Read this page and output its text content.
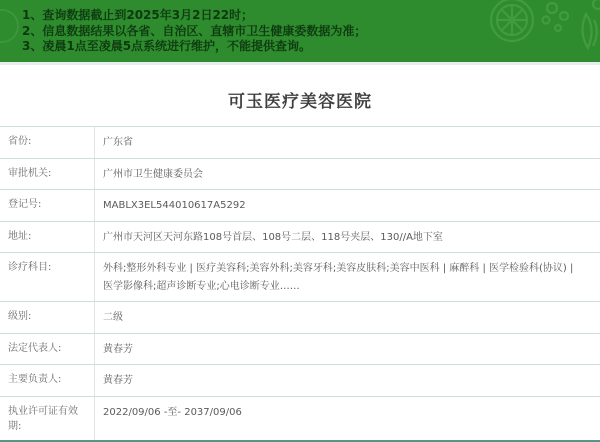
1、查询数据截止到2025年3月2日22时；
2、信息数据结果以各省、自治区、直辖市卫生健康委数据为准；
3、凌晨1点至凌晨5点系统进行维护，不能提供查询。
可玉医疗美容医院
省份:	广东省
审批机关:	广州市卫生健康委员会
登记号:	MABLX3EL544010617A5292
地址:	广州市天河区天河东路108号首层、108号二层、118号夹层、130//A地下室
诊疗科目:	外科;整形外科专业 | 医疗美容科;美容外科;美容牙科;美容皮肤科;美容中医科 | 麻醉科 | 医学检验科(协议) | 医学影像科;超声诊断专业;心电诊断专业……
级别:	二级
法定代表人:	黄春芳
主要负责人:	黄春芳
执业许可证有效期:
2022/09/06 -至- 2037/09/06
